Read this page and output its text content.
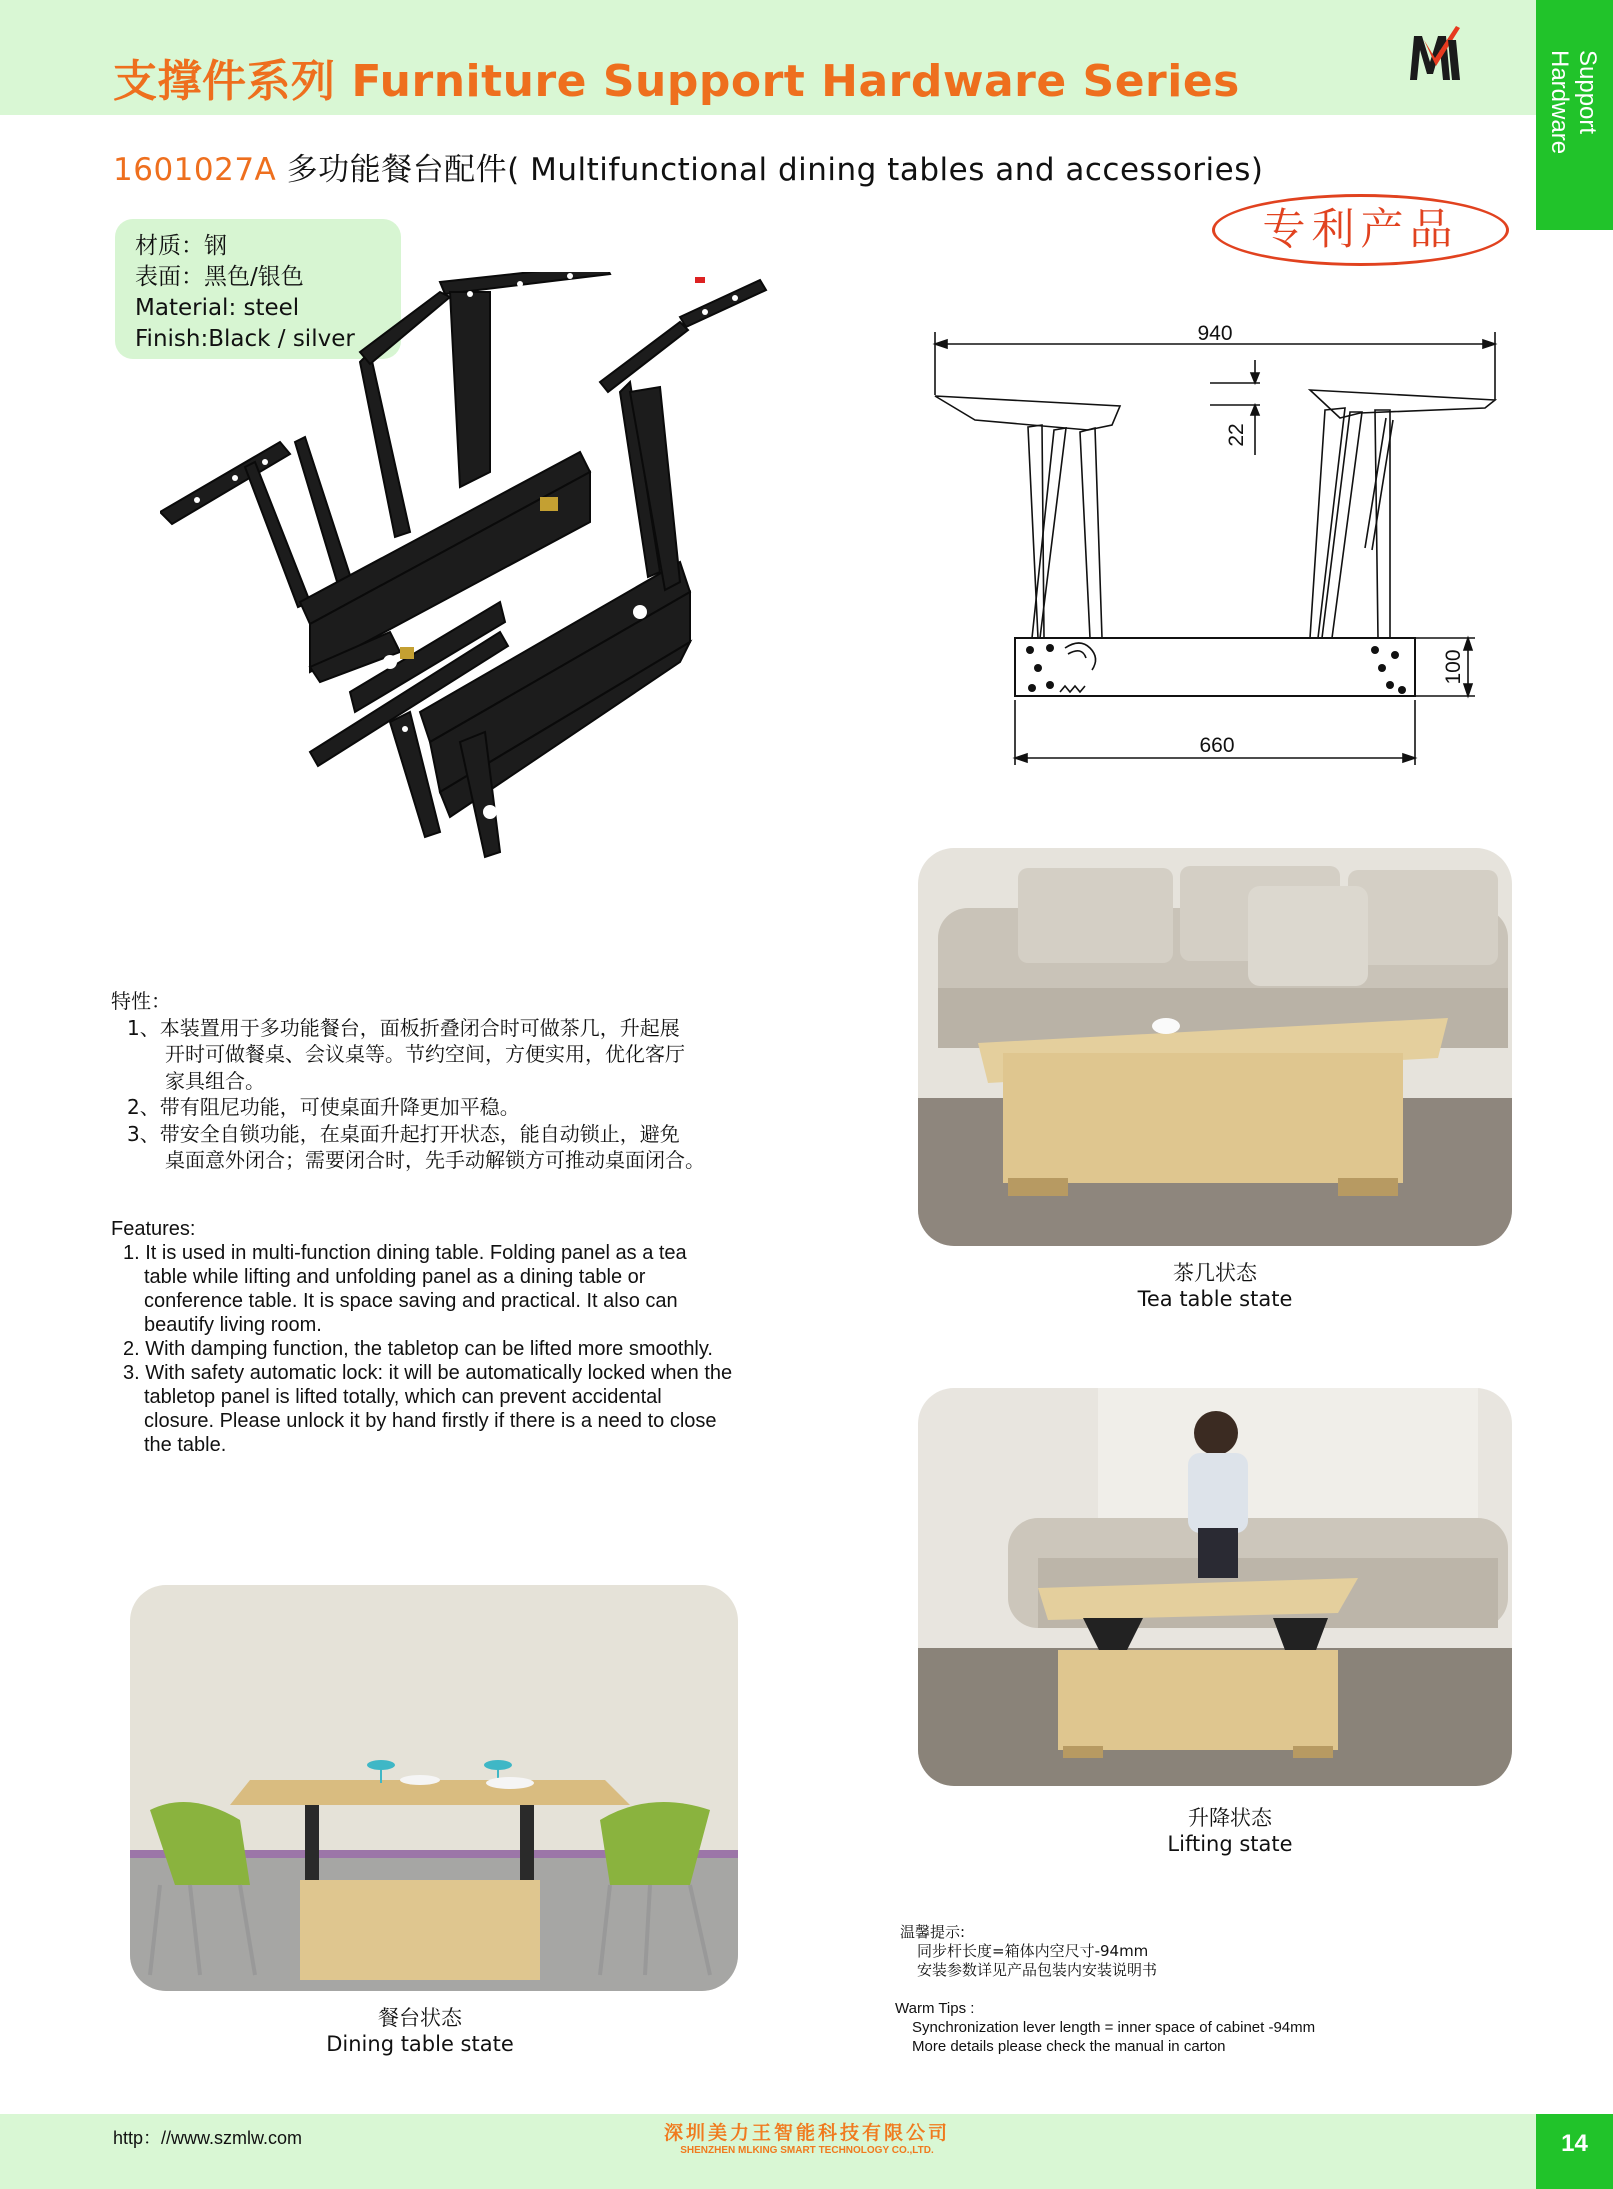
支撑件系列 Furniture Support Hardware Series	Support
Hardware
1601027A 多功能餐台配件( Multifunctional dining tables and accessories)
专利产品
材质：钢
表面：黑色/银色
Material: steel
Finish:Black / silver	940
22
100
660
茶几状态
Tea table state
升降状态
Lifting state
餐台状态
Dining table state
特性：
1、本装置用于多功能餐台，面板折叠闭合时可做茶几，升起展
开时可做餐桌、会议桌等。节约空间，方便实用，优化客厅
家具组合。
2、带有阻尼功能，可使桌面升降更加平稳。
3、带安全自锁功能，在桌面升起打开状态，能自动锁止，避免
桌面意外闭合；需要闭合时，先手动解锁方可推动桌面闭合。
Features:
1. It is used in multi-function dining table. Folding panel as a tea
table while lifting and unfolding panel as a dining table or
conference table. It is space saving and practical. It also can
beautify living room.
2. With damping function, the tabletop can be lifted more smoothly.
3. With safety automatic lock: it will be automatically locked when the
tabletop panel is lifted totally, which can prevent accidental
closure. Please unlock it by hand firstly if there is a need to close
the table.
温馨提示:
同步杆长度=箱体内空尺寸-94mm
安装参数详见产品包装内安装说明书
Warm Tips :
Synchronization lever length = inner space of cabinet -94mm
More details please check the manual in carton
http：//www.szmlw.com	深圳美力王智能科技有限公司
SHENZHEN MLKING SMART TECHNOLOGY CO.,LTD.	14
